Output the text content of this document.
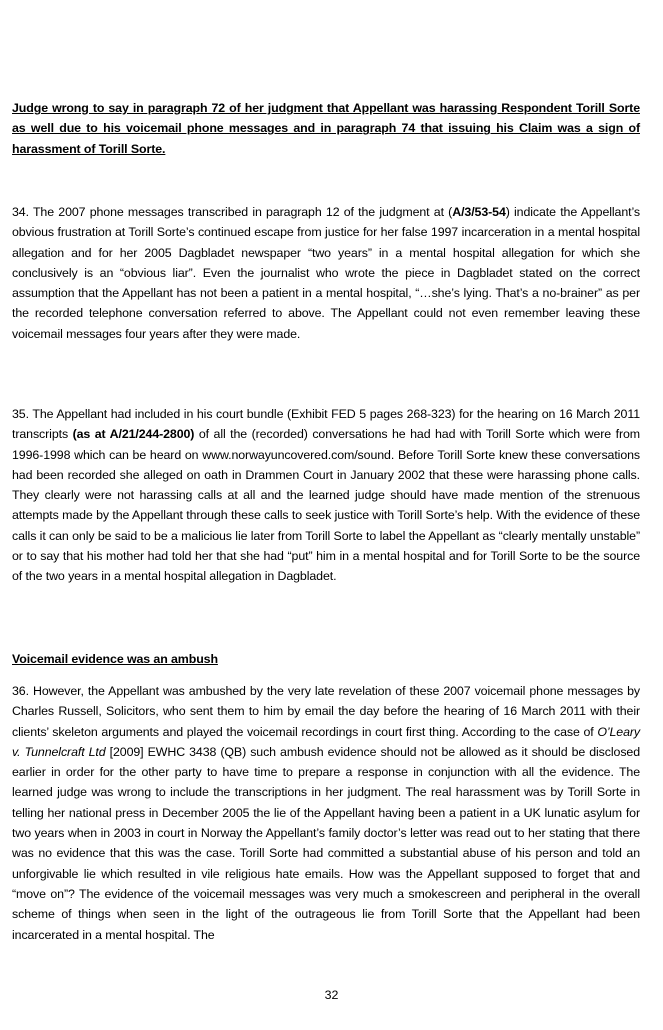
Judge wrong to say in paragraph 72 of her judgment that Appellant was harassing Respondent Torill Sorte as well due to his voicemail phone messages and in paragraph 74 that issuing his Claim was a sign of harassment of Torill Sorte.
34. The 2007 phone messages transcribed in paragraph 12 of the judgment at (A/3/53-54) indicate the Appellant’s obvious frustration at Torill Sorte’s continued escape from justice for her false 1997 incarceration in a mental hospital allegation and for her 2005 Dagbladet newspaper “two years” in a mental hospital allegation for which she conclusively is an “obvious liar”. Even the journalist who wrote the piece in Dagbladet stated on the correct assumption that the Appellant has not been a patient in a mental hospital, “…she’s lying. That’s a no-brainer” as per the recorded telephone conversation referred to above. The Appellant could not even remember leaving these voicemail messages four years after they were made.
35. The Appellant had included in his court bundle (Exhibit FED 5 pages 268-323) for the hearing on 16 March 2011 transcripts (as at A/21/244-2800) of all the (recorded) conversations he had had with Torill Sorte which were from 1996-1998 which can be heard on www.norwayuncovered.com/sound. Before Torill Sorte knew these conversations had been recorded she alleged on oath in Drammen Court in January 2002 that these were harassing phone calls. They clearly were not harassing calls at all and the learned judge should have made mention of the strenuous attempts made by the Appellant through these calls to seek justice with Torill Sorte’s help. With the evidence of these calls it can only be said to be a malicious lie later from Torill Sorte to label the Appellant as “clearly mentally unstable” or to say that his mother had told her that she had “put” him in a mental hospital and for Torill Sorte to be the source of the two years in a mental hospital allegation in Dagbladet.
Voicemail evidence was an ambush
36. However, the Appellant was ambushed by the very late revelation of these 2007 voicemail phone messages by Charles Russell, Solicitors, who sent them to him by email the day before the hearing of 16 March 2011 with their clients’ skeleton arguments and played the voicemail recordings in court first thing. According to the case of O’Leary v. Tunnelcraft Ltd [2009] EWHC 3438 (QB) such ambush evidence should not be allowed as it should be disclosed earlier in order for the other party to have time to prepare a response in conjunction with all the evidence. The learned judge was wrong to include the transcriptions in her judgment. The real harassment was by Torill Sorte in telling her national press in December 2005 the lie of the Appellant having been a patient in a UK lunatic asylum for two years when in 2003 in court in Norway the Appellant’s family doctor’s letter was read out to her stating that there was no evidence that this was the case. Torill Sorte had committed a substantial abuse of his person and told an unforgivable lie which resulted in vile religious hate emails. How was the Appellant supposed to forget that and “move on”? The evidence of the voicemail messages was very much a smokescreen and peripheral in the overall scheme of things when seen in the light of the outrageous lie from Torill Sorte that the Appellant had been incarcerated in a mental hospital. The
32
